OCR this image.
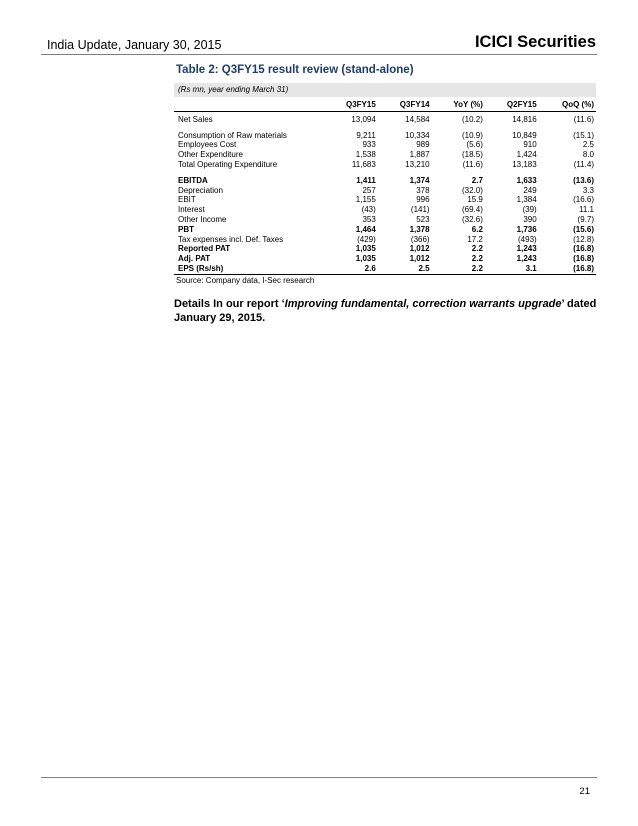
India Update, January 30, 2015	ICICI Securities
Table 2: Q3FY15 result review (stand-alone)
(Rs mn, year ending March 31)
	Q3FY15	Q3FY14	YoY (%)	Q2FY15	QoQ (%)

Net Sales	13,094	14,584	(10.2)	14,816	(11.6)

Consumption of Raw materials	9,211	10,334	(10.9)	10,849	(15.1)
Employees Cost	933	989	(5.6)	910	2.5
Other Expenditure	1,538	1,887	(18.5)	1,424	8.0
Total Operating Expenditure	11,683	13,210	(11.6)	13,183	(11.4)

EBITDA	1,411	1,374	2.7	1,633	(13.6)
Depreciation	257	378	(32.0)	249	3.3
EBIT	1,155	996	15.9	1,384	(16.6)
Interest	(43)	(141)	(69.4)	(39)	11.1
Other Income	353	523	(32.6)	390	(9.7)
PBT	1,464	1,378	6.2	1,736	(15.6)
Tax expenses incl. Def. Taxes	(429)	(366)	17.2	(493)	(12.8)
Reported PAT	1,035	1,012	2.2	1,243	(16.8)
Adj. PAT	1,035	1,012	2.2	1,243	(16.8)
EPS (Rs/sh)	2.6	2.5	2.2	3.1	(16.8)
Source: Company data, I-Sec research
Details In our report ‘Improving fundamental, correction warrants upgrade’ dated January 29, 2015.
21
